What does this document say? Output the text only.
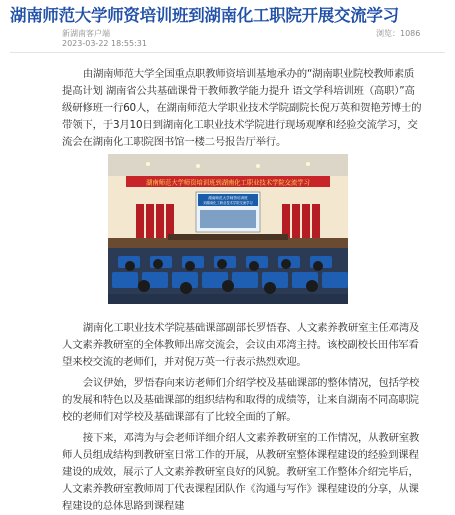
湖南师范大学师资培训班到湖南化工职院开展交流学习
新湖南客户端
2023-03-22 18:55:31
浏览：1086

由湖南师范大学全国重点职教师资培训基地承办的“湖南职业院校教师素质提高计划 湖南省公共基础课骨干教师教学能力提升 语文学科培训班（高职）”高级研修班一行60人，在湖南师范大学职业技术学院副院长倪万英和贺艳芳博士的带领下，于3月10日到湖南化工职业技术学院进行现场观摩和经验交流学习，交流会在湖南化工职院图书馆一楼二号报告厅举行。

湖南师范大学师资培训班到湖南化工职业技术学院交流学习
湖南师范大学师资培训班
到湖南化工职业技术学院交流学习

湖南化工职业技术学院基础课部副部长罗悟春、人文素养教研室主任邓湾及人文素养教研室的全体教师出席交流会，会议由邓湾主持。该校副校长田伟军看望来校交流的老师们，并对倪万英一行表示热烈欢迎。

会议伊始，罗悟春向来访老师们介绍学校及基础课部的整体情况，包括学校的发展和特色以及基础课部的组织结构和取得的成绩等，让来自湖南不同高职院校的老师们对学校及基础课部有了比较全面的了解。

接下来，邓湾为与会老师详细介绍人文素养教研室的工作情况，从教研室教师人员组成结构到教研室日常工作的开展，从教研室整体课程建设的经验到课程建设的成效，展示了人文素养教研室良好的风貌。教研室工作整体介绍完毕后，人文素养教研室教师周丁代表课程团队作《沟通与写作》课程建设的分享，从课程建设的总体思路到课程建
